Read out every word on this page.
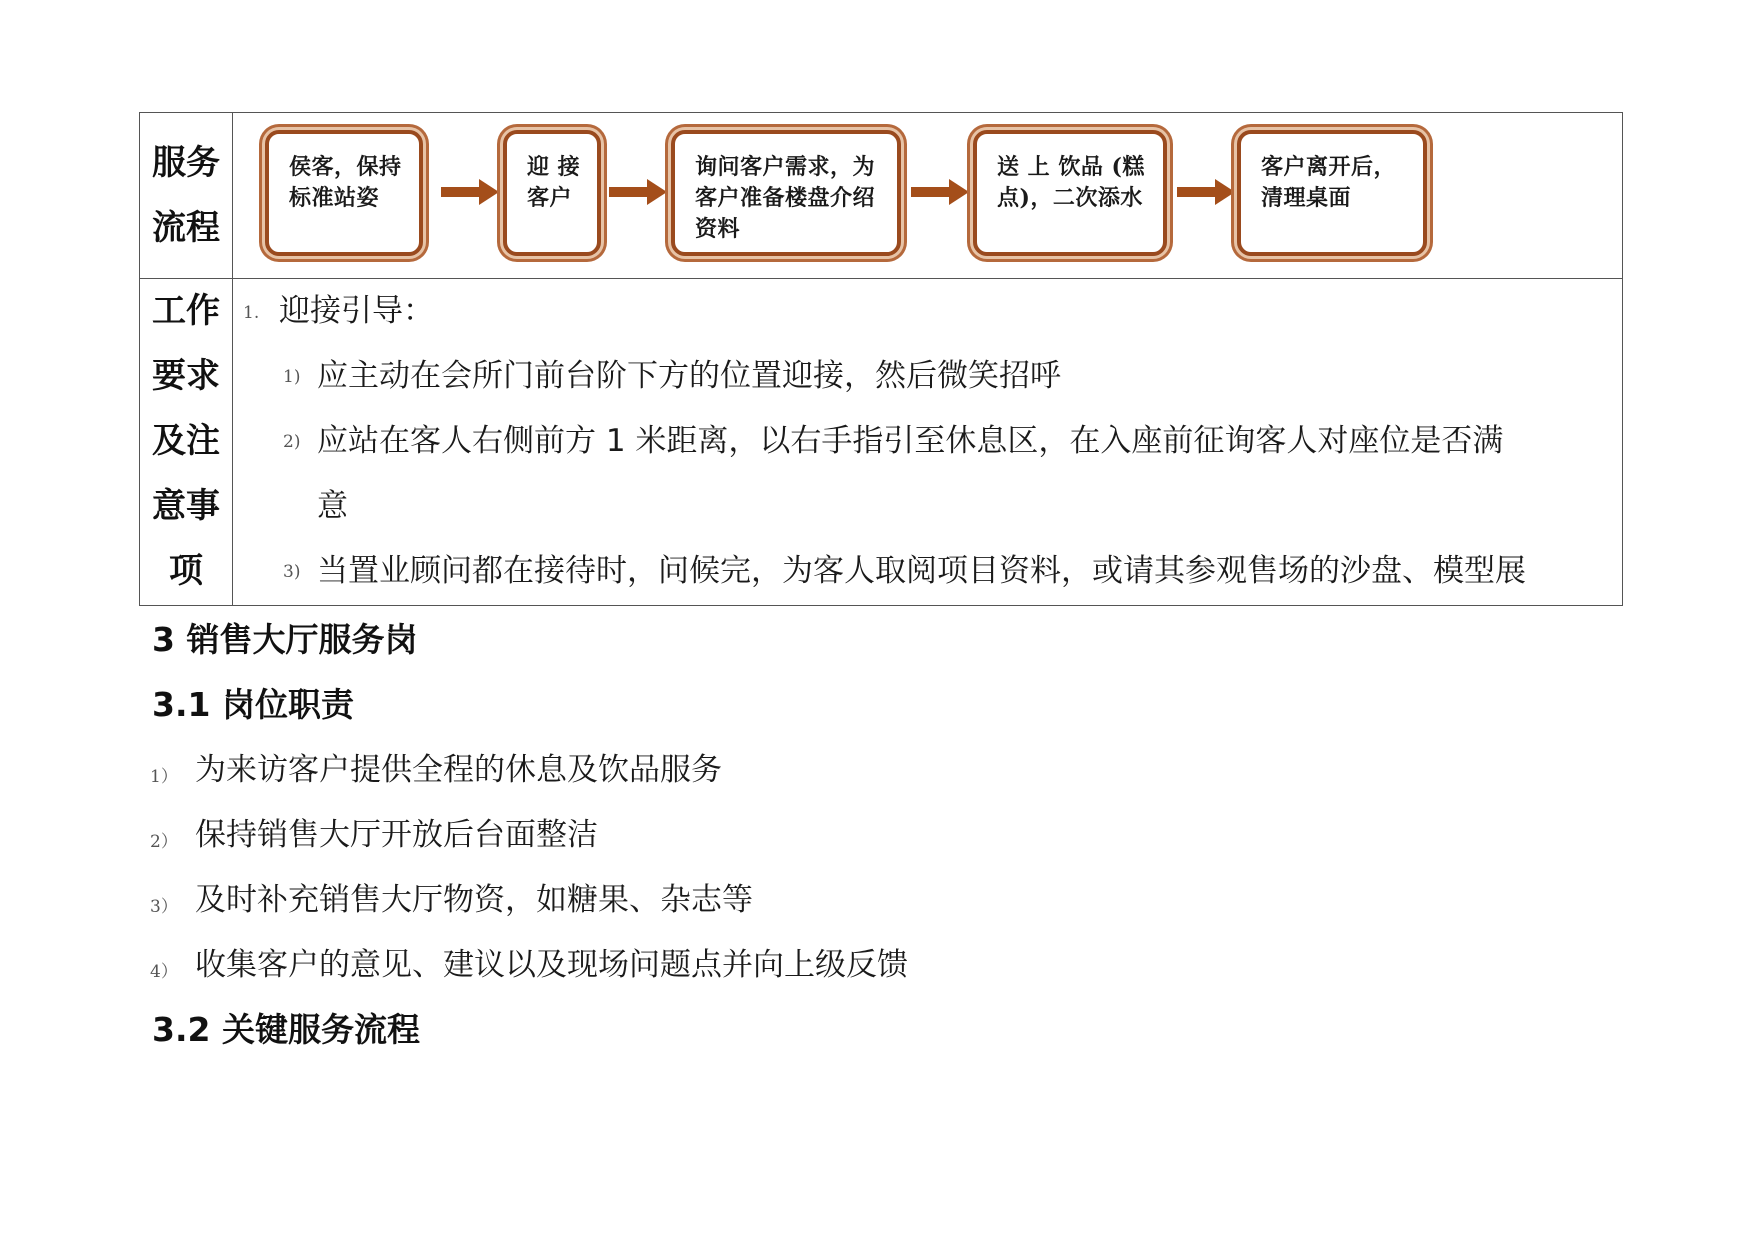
服务
流程
侯客，保持
标准站姿
迎 接
客户
询问客户需求，为
客户准备楼盘介绍
资料
送 上 饮品 (糕
点)，二次添水
客户离开后，
清理桌面
工作
要求
及注
意事
项
1. 迎接引导：
1) 应主动在会所门前台阶下方的位置迎接，然后微笑招呼
2) 应站在客人右侧前方 1 米距离，以右手指引至休息区，在入座前征询客人对座位是否满
意
3) 当置业顾问都在接待时，问候完，为客人取阅项目资料，或请其参观售场的沙盘、模型展
3 销售大厅服务岗
3.1 岗位职责
1） 为来访客户提供全程的休息及饮品服务
2） 保持销售大厅开放后台面整洁
3） 及时补充销售大厅物资，如糖果、杂志等
4） 收集客户的意见、建议以及现场问题点并向上级反馈
3.2 关键服务流程
